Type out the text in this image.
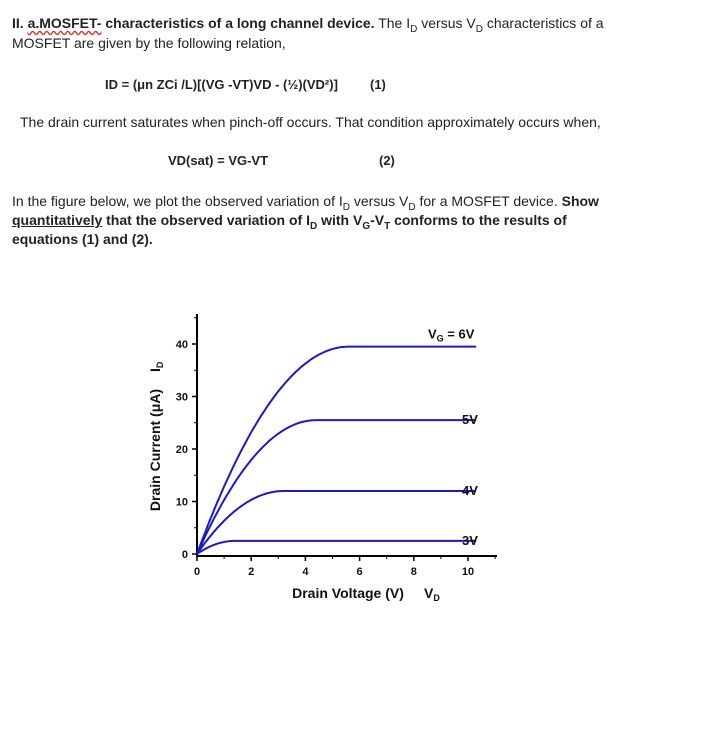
II. a.MOSFET- characteristics of a long channel device. The $I_D$ versus $V_D$ characteristics of a
MOSFET are given by the following relation,
ID = (μn ZCi /L)[(VG -VT)VD - (½)(VD²)] (1)
The drain current saturates when pinch-off occurs. That condition approximately occurs when,
VD(sat) = VG-VT	(2)
In the figure below, we plot the observed variation of $I_D$ versus $V_D$ for a MOSFET device. Show
quantitatively that the observed variation of $I_D$ with $V_G-V_T$ conforms to the results of
equations (1) and (2).
0	2	4	6	8	10
0
10
20
30
40
$V_G = 6V$
5V
4V
3V
Drain Voltage (V) $V_D$
Drain Current (μA)
$I_D$
